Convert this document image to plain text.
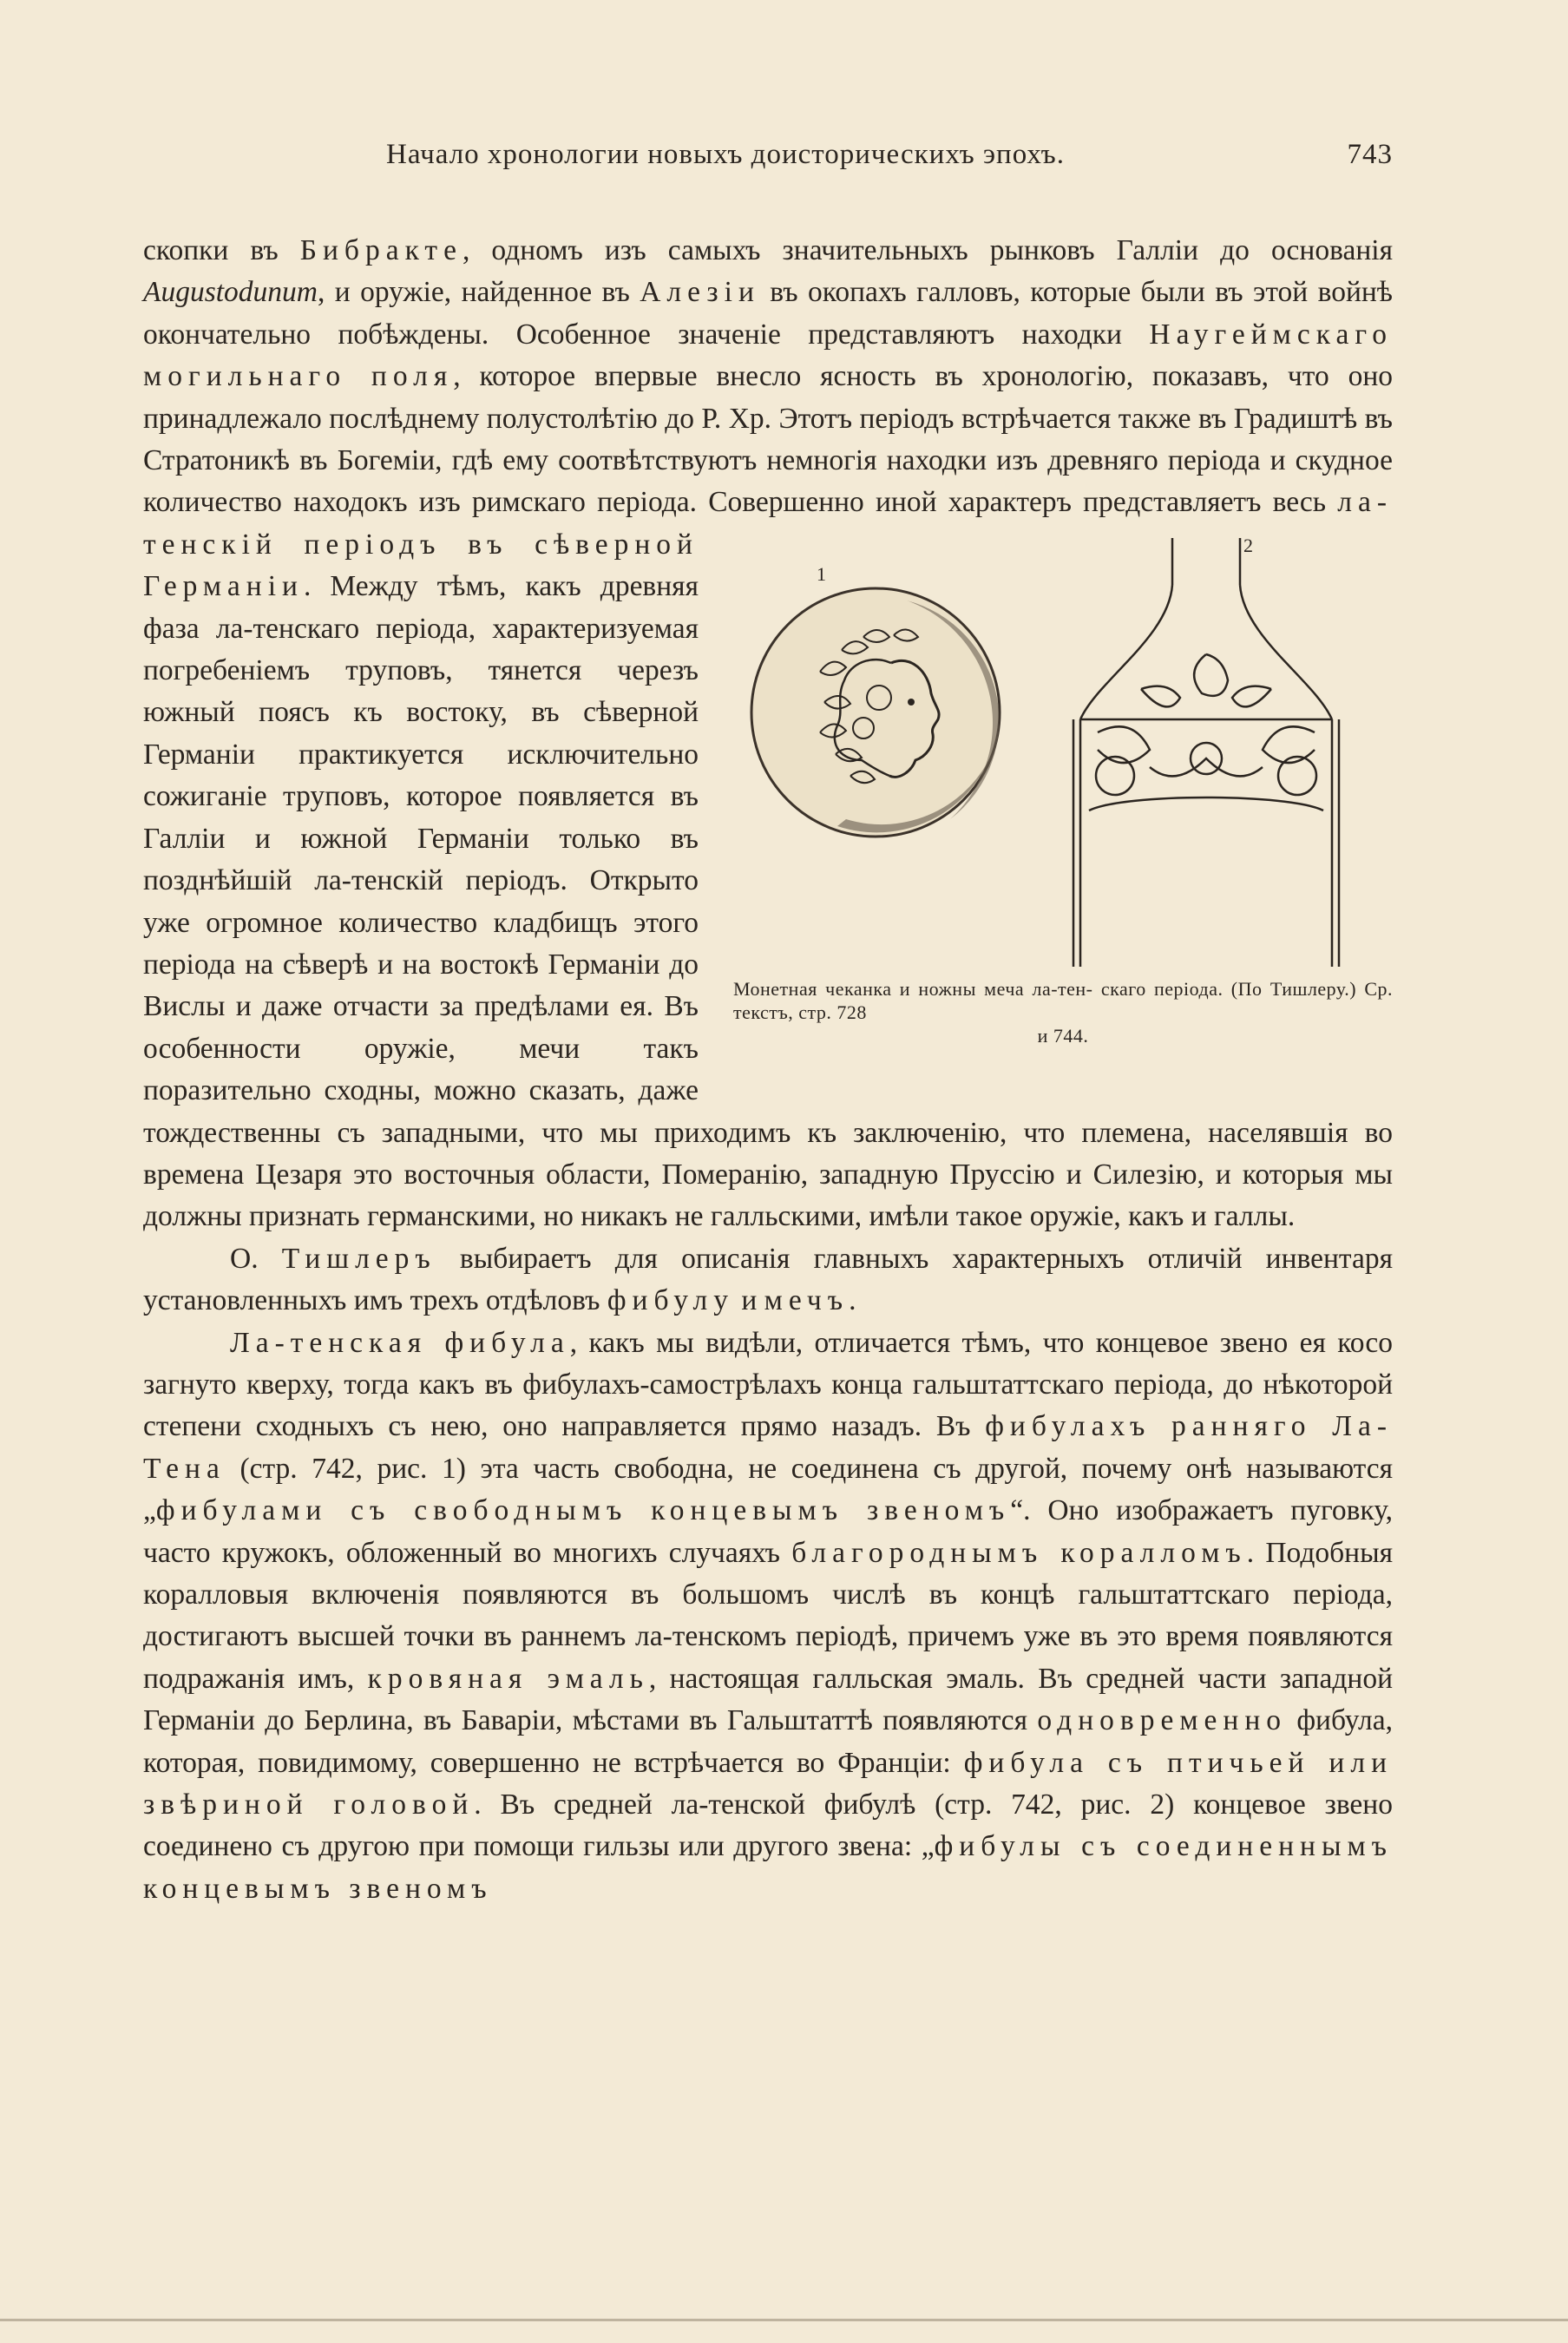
Начало хронологии новыхъ доисторическихъ эпохъ.	743

скопки въ Бибракте, одномъ изъ самыхъ значительныхъ рынковъ Галліи до основанія Augustodunum, и оружіе, найденное въ Алезіи въ окопахъ галловъ, которые были въ этой войнѣ окончательно побѣждены. Особенное значеніе представляютъ находки Наугеймскаго могильнаго поля, которое впервые внесло ясность въ хронологію, показавъ, что оно принадлежало послѣднему полустолѣтію до Р. Хр. Этотъ періодъ встрѣчается также въ Градиштѣ въ Стратоникѣ въ Богеміи, гдѣ ему соотвѣтствуютъ немногія находки изъ древняго періода и скудное количество находокъ изъ римскаго періода. Совершенно иной характеръ представляетъ весь
1
2
Монетная чеканка и ножны меча ла-тен- скаго періода. (По Тишлеру.) Ср. текстъ, стр. 728
и 744.
ла-тенскій періодъ въ сѣверной Германіи. Между тѣмъ, какъ древняя фаза ла-тенскаго періода, характеризуемая погребеніемъ труповъ, тянется черезъ южный поясъ къ востоку, въ сѣверной Германіи практикуется исключительно сожиганіе труповъ, которое появляется въ Галліи и южной Германіи только въ позднѣйшій ла-тенскій періодъ. Открыто уже огромное количество кладбищъ этого періода на сѣверѣ и на востокѣ Германіи до Вислы и даже отчасти за предѣлами ея. Въ особенности оружіе, мечи такъ поразительно сходны, можно сказать, даже тождественны съ западными, что мы приходимъ къ заключенію, что племена, населявшія во времена Цезаря это восточныя области, Померанію, западную Пруссію и Силезію, и которыя мы должны признать германскими, но никакъ не галльскими, имѣли такое оружіе, какъ и галлы.

О. Тишлеръ выбираетъ для описанія главныхъ характерныхъ отличій инвентаря установленныхъ имъ трехъ отдѣловъ фибулу и мечъ.

Ла-тенская фибула, какъ мы видѣли, отличается тѣмъ, что концевое звено ея косо загнуто кверху, тогда какъ въ фибулахъ-самострѣлахъ конца гальштаттскаго періода, до нѣкоторой степени сходныхъ съ нею, оно направляется прямо назадъ. Въ фибулахъ ранняго Ла-Тена (стр. 742, рис. 1) эта часть свободна, не соединена съ другой, почему онѣ называются „фибулами съ свободнымъ концевымъ звеномъ“. Оно изображаетъ пуговку, часто кружокъ, обложенный во многихъ случаяхъ благороднымъ коралломъ. Подобныя коралловыя включенія появляются въ большомъ числѣ въ концѣ гальштаттскаго періода, достигаютъ высшей точки въ раннемъ ла-тенскомъ періодѣ, причемъ уже въ это время появляются подражанія имъ, кровяная эмаль, настоящая галльская эмаль. Въ средней части западной Германіи до Берлина, въ Баваріи, мѣстами въ Гальштаттѣ появляются одновременно фибула, которая, повидимому, совершенно не встрѣчается во Франціи: фибула съ птичьей или звѣриной головой. Въ средней ла-тенской фибулѣ (стр. 742, рис. 2) концевое звено соединено съ другою при помощи гильзы или другого звена: „фибулы съ соединеннымъ концевымъ звеномъ
